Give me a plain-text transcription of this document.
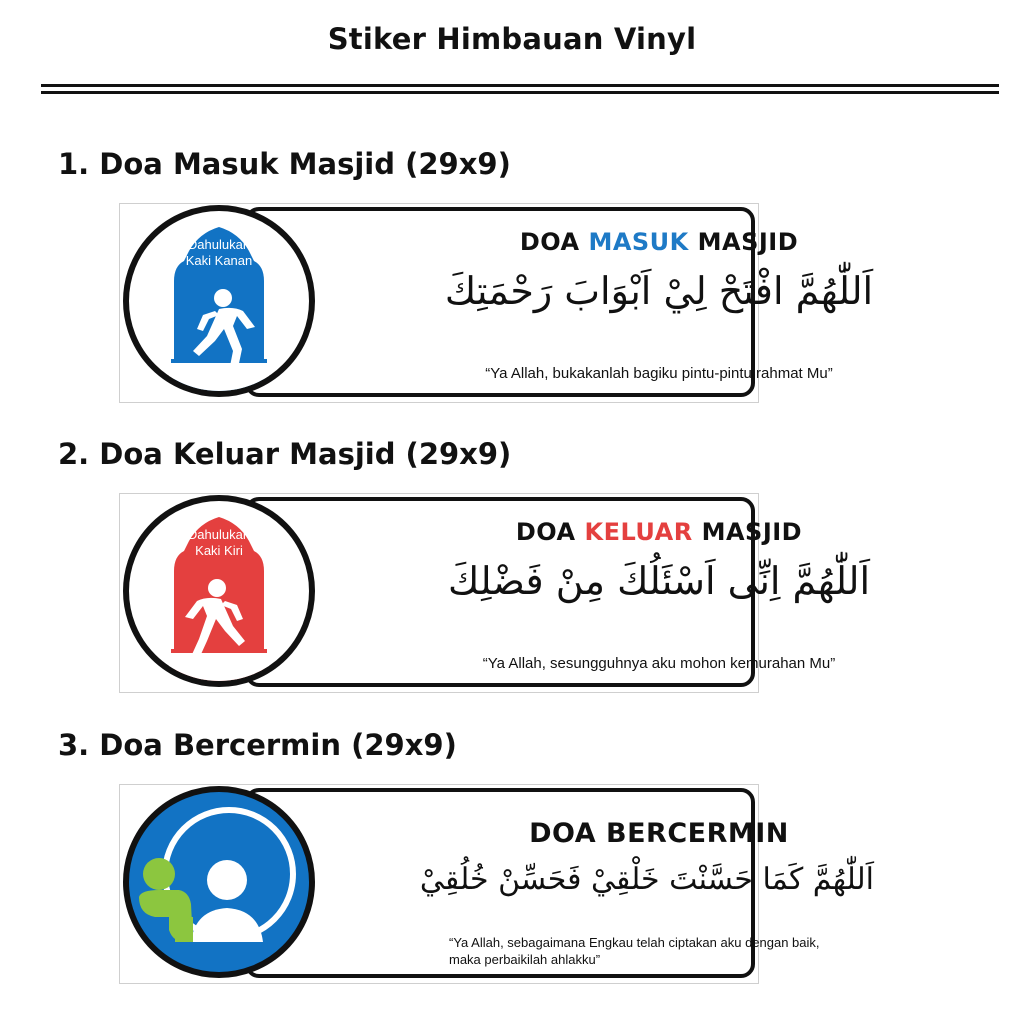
Stiker Himbauan Vinyl
1. Doa Masuk Masjid (29x9)
DOA MASUK MASJID
اَللّٰهُمَّ افْتَحْ لِيْ اَبْوَابَ رَحْمَتِكَ
“Ya Allah, bukakanlah bagiku pintu-pintu rahmat Mu”
Dahulukan
Kaki Kanan
2. Doa Keluar Masjid (29x9)
DOA KELUAR MASJID
اَللّٰهُمَّ اِنِّى اَسْئَلُكَ مِنْ فَضْلِكَ
“Ya Allah, sesungguhnya aku mohon kemurahan Mu”
Dahulukan
Kaki Kiri
3. Doa Bercermin (29x9)
DOA BERCERMIN
اَللّٰهُمَّ كَمَا حَسَّنْتَ خَلْقِيْ فَحَسِّنْ خُلُقِيْ
“Ya Allah, sebagaimana Engkau telah ciptakan aku dengan baik,
maka perbaikilah ahlakku”
